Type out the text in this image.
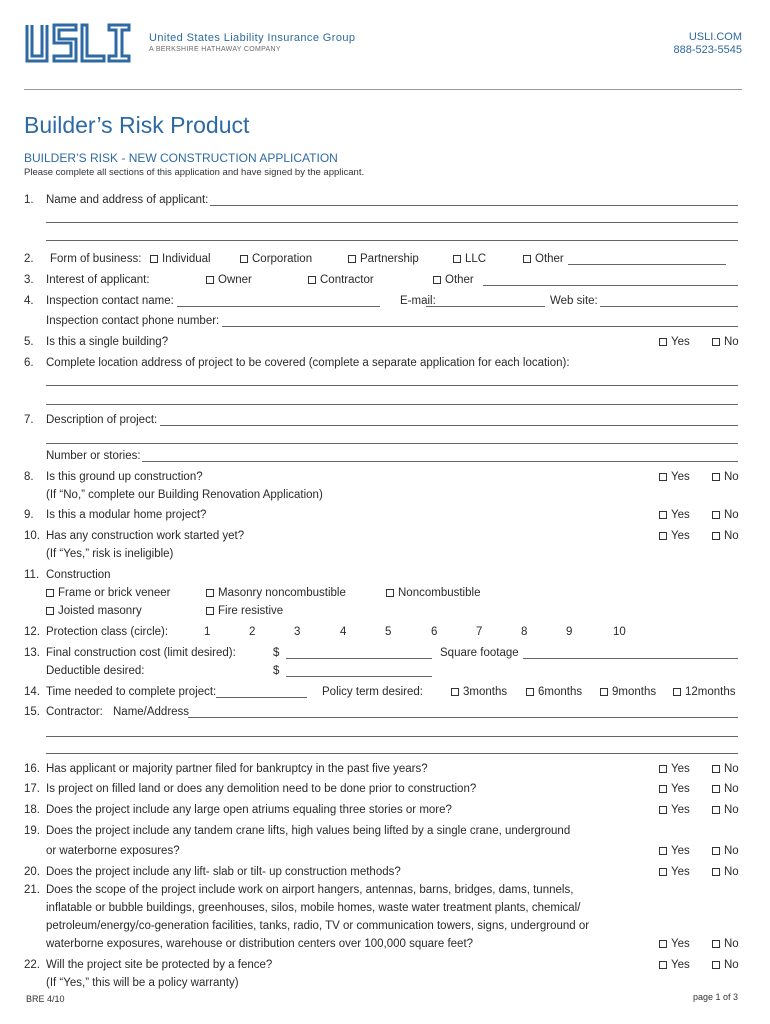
United States Liability Insurance Group
A BERKSHIRE HATHAWAY COMPANY
USLI.COM
888-523-5545
Builder’s Risk Product
BUILDER’S RISK - NEW CONSTRUCTION APPLICATION
Please complete all sections of this application and have signed by the applicant.
1. Name and address of applicant:
2. Form of business:	Individual	Corporation	Partnership	LLC	Other
3. Interest of applicant:	Owner	Contractor	Other
4. Inspection contact name:	E-mail:	Web site:
Inspection contact phone number:
5. Is this a single building?	Yes	No
6. Complete location address of project to be covered (complete a separate application for each location):
7. Description of project:
Number or stories:
8. Is this ground up construction?	Yes	No
(If “No,” complete our Building Renovation Application)
9. Is this a modular home project?	Yes	No
10. Has any construction work started yet?	Yes	No
(If “Yes,” risk is ineligible)
11. Construction
Frame or brick veneer	Masonry noncombustible	Noncombustible
Joisted masonry	Fire resistive
12. Protection class (circle):	1	2	3	4	5	6	7	8	9	10
13. Final construction cost (limit desired):	$	Square footage
Deductible desired:	$
14. Time needed to complete project:	Policy term desired:	3months	6months	9months	12months
15. Contractor: Name/Address
16. Has applicant or majority partner filed for bankruptcy in the past five years?	Yes	No
17. Is project on filled land or does any demolition need to be done prior to construction?	Yes	No
18. Does the project include any large open atriums equaling three stories or more?	Yes	No
19. Does the project include any tandem crane lifts, high values being lifted by a single crane, underground
or waterborne exposures?	Yes	No
20. Does the project include any lift- slab or tilt- up construction methods?	Yes	No
21. Does the scope of the project include work on airport hangers, antennas, barns, bridges, dams, tunnels,
inflatable or bubble buildings, greenhouses, silos, mobile homes, waste water treatment plants, chemical/
petroleum/energy/co-generation facilities, tanks, radio, TV or communication towers, signs, underground or
waterborne exposures, warehouse or distribution centers over 100,000 square feet?	Yes	No
22. Will the project site be protected by a fence?	Yes	No
(If “Yes,” this will be a policy warranty)
BRE 4/10	page 1 of 3
